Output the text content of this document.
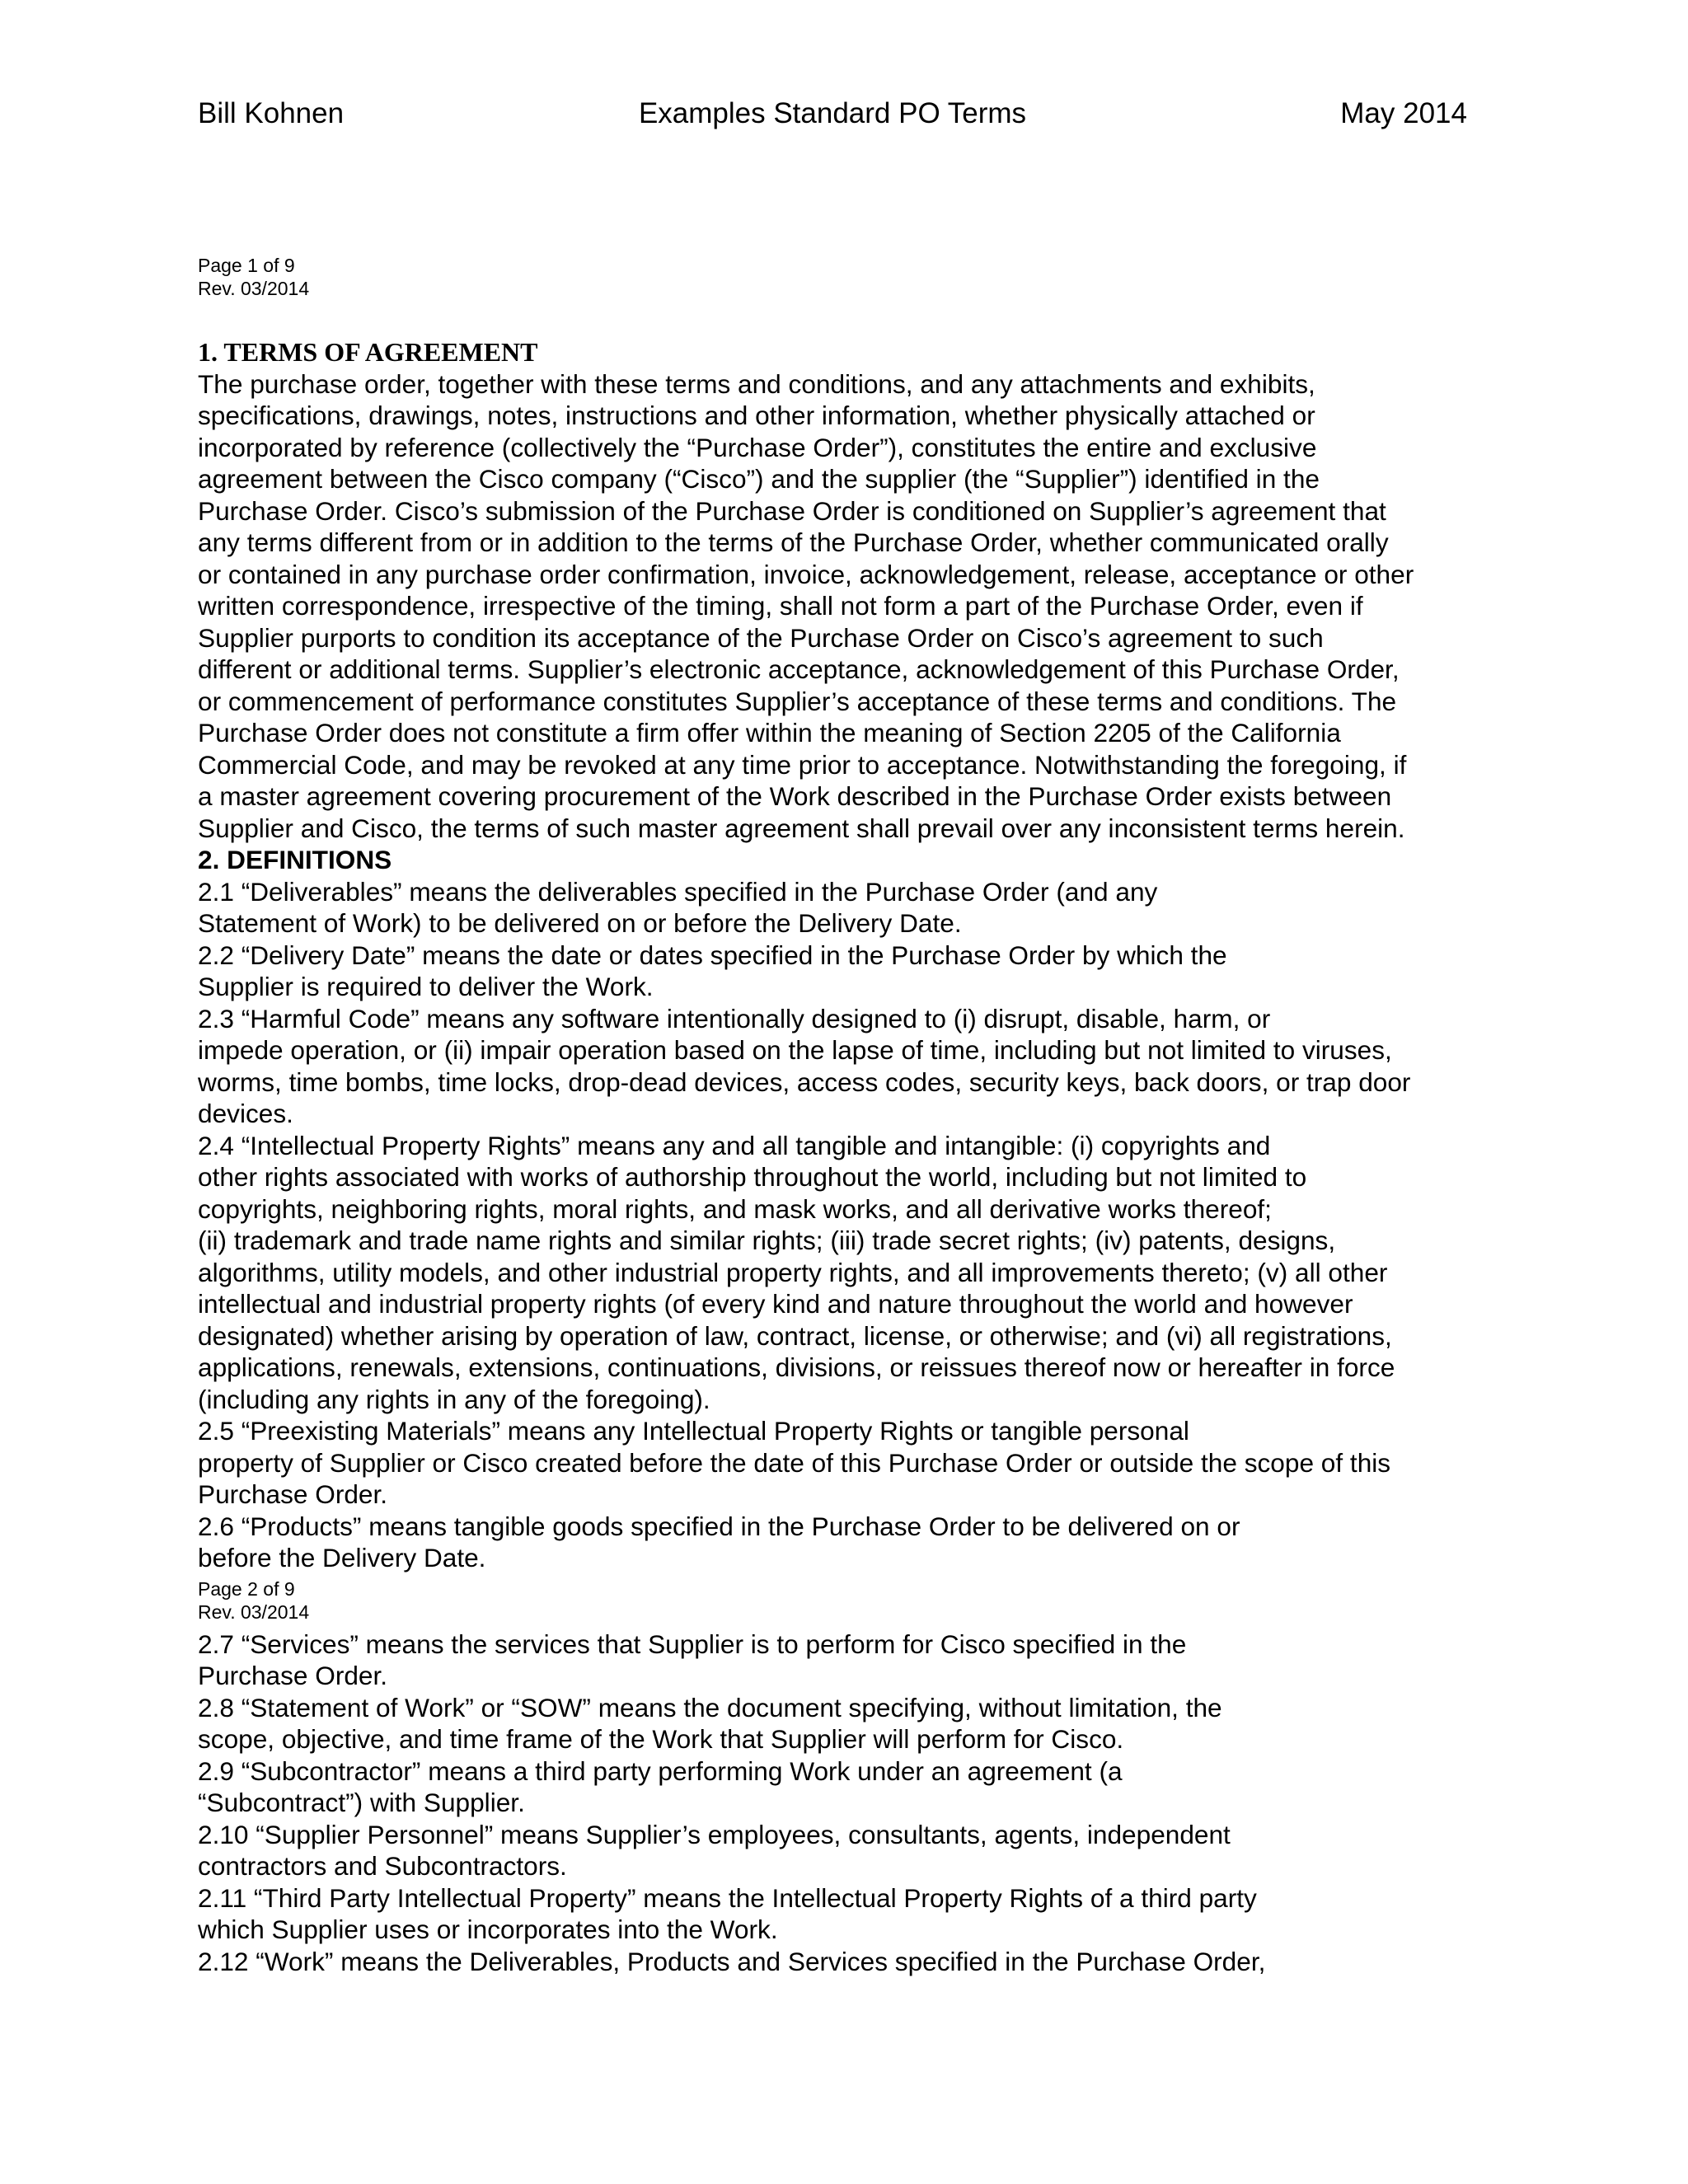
Bill Kohnen	Examples Standard PO Terms	May 2014

Page 1 of 9

Rev. 03/2014

1. TERMS OF AGREEMENT
The purchase order, together with these terms and conditions, and any attachments and exhibits,
specifications, drawings, notes, instructions and other information, whether physically attached or
incorporated by reference (collectively the “Purchase Order”), constitutes the entire and exclusive
agreement between the Cisco company (“Cisco”) and the supplier (the “Supplier”) identified in the
Purchase Order. Cisco’s submission of the Purchase Order is conditioned on Supplier’s agreement that
any terms different from or in addition to the terms of the Purchase Order, whether communicated orally
or contained in any purchase order confirmation, invoice, acknowledgement, release, acceptance or other
written correspondence, irrespective of the timing, shall not form a part of the Purchase Order, even if
Supplier purports to condition its acceptance of the Purchase Order on Cisco’s agreement to such
different or additional terms. Supplier’s electronic acceptance, acknowledgement of this Purchase Order,
or commencement of performance constitutes Supplier’s acceptance of these terms and conditions. The
Purchase Order does not constitute a firm offer within the meaning of Section 2205 of the California
Commercial Code, and may be revoked at any time prior to acceptance. Notwithstanding the foregoing, if
a master agreement covering procurement of the Work described in the Purchase Order exists between
Supplier and Cisco, the terms of such master agreement shall prevail over any inconsistent terms herein.
2. DEFINITIONS
2.1 “Deliverables” means the deliverables specified in the Purchase Order (and any
Statement of Work) to be delivered on or before the Delivery Date.
2.2 “Delivery Date” means the date or dates specified in the Purchase Order by which the
Supplier is required to deliver the Work.
2.3 “Harmful Code” means any software intentionally designed to (i) disrupt, disable, harm, or
impede operation, or (ii) impair operation based on the lapse of time, including but not limited to viruses,
worms, time bombs, time locks, drop-dead devices, access codes, security keys, back doors, or trap door
devices.
2.4 “Intellectual Property Rights” means any and all tangible and intangible: (i) copyrights and
other rights associated with works of authorship throughout the world, including but not limited to
copyrights, neighboring rights, moral rights, and mask works, and all derivative works thereof;
(ii) trademark and trade name rights and similar rights; (iii) trade secret rights; (iv) patents, designs,
algorithms, utility models, and other industrial property rights, and all improvements thereto; (v) all other
intellectual and industrial property rights (of every kind and nature throughout the world and however
designated) whether arising by operation of law, contract, license, or otherwise; and (vi) all registrations,
applications, renewals, extensions, continuations, divisions, or reissues thereof now or hereafter in force
(including any rights in any of the foregoing).
2.5 “Preexisting Materials” means any Intellectual Property Rights or tangible personal
property of Supplier or Cisco created before the date of this Purchase Order or outside the scope of this
Purchase Order.
2.6 “Products” means tangible goods specified in the Purchase Order to be delivered on or
before the Delivery Date.

Page 2 of 9

Rev. 03/2014

2.7 “Services” means the services that Supplier is to perform for Cisco specified in the
Purchase Order.
2.8 “Statement of Work” or “SOW” means the document specifying, without limitation, the
scope, objective, and time frame of the Work that Supplier will perform for Cisco.
2.9 “Subcontractor” means a third party performing Work under an agreement (a
“Subcontract”) with Supplier.
2.10 “Supplier Personnel” means Supplier’s employees, consultants, agents, independent
contractors and Subcontractors.
2.11 “Third Party Intellectual Property” means the Intellectual Property Rights of a third party
which Supplier uses or incorporates into the Work.
2.12 “Work” means the Deliverables, Products and Services specified in the Purchase Order,
